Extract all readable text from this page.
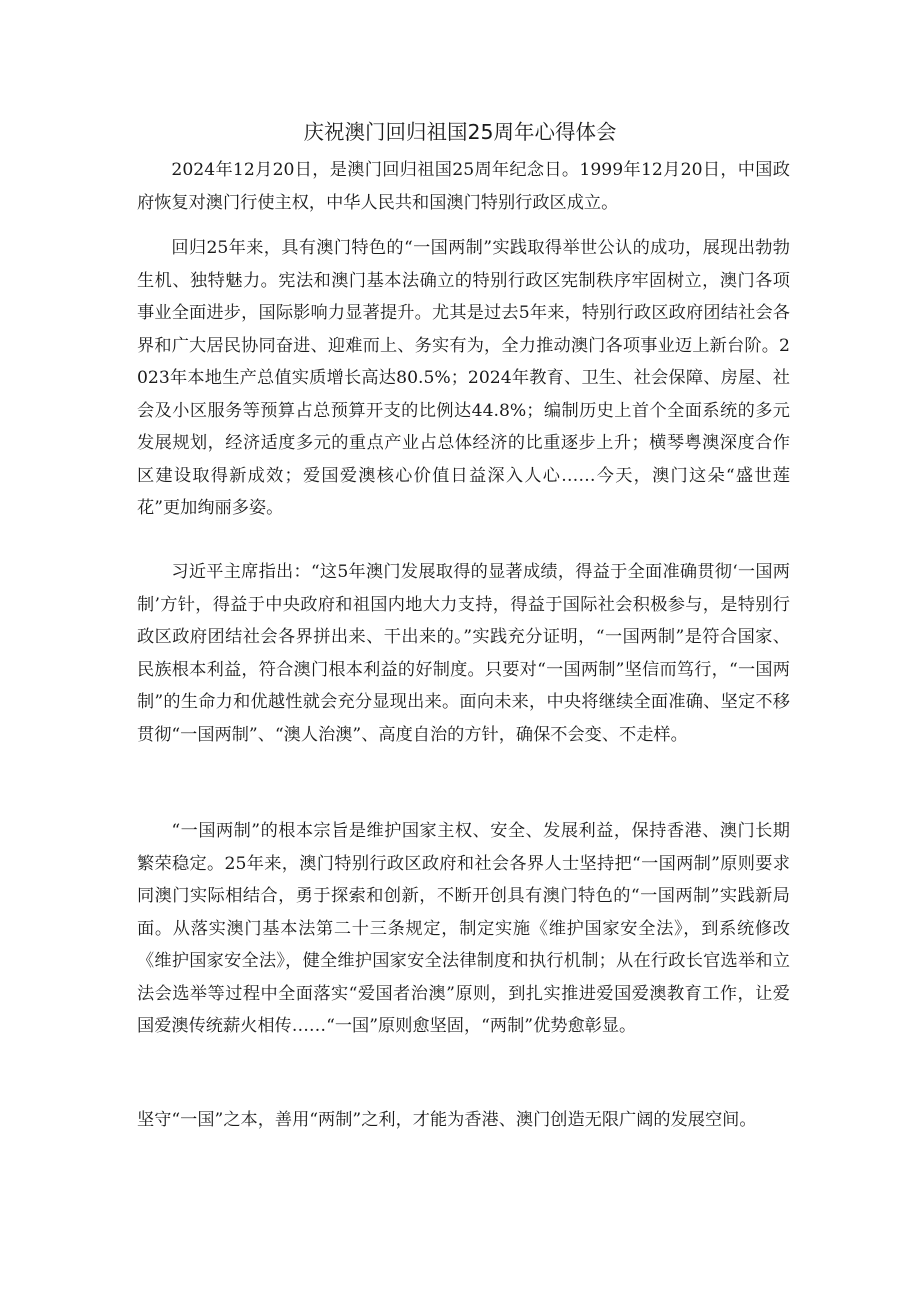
庆祝澳门回归祖国25周年心得体会

2024年12月20日，是澳门回归祖国25周年纪念日。1999年12月20日，中国政府恢复对澳门行使主权，中华人民共和国澳门特别行政区成立。

回归25年来，具有澳门特色的“一国两制”实践取得举世公认的成功，展现出勃勃生机、独特魅力。宪法和澳门基本法确立的特别行政区宪制秩序牢固树立，澳门各项事业全面进步，国际影响力显著提升。尤其是过去5年来，特别行政区政府团结社会各界和广大居民协同奋进、迎难而上、务实有为，全力推动澳门各项事业迈上新台阶。2023年本地生产总值实质增长高达80.5%；2024年教育、卫生、社会保障、房屋、社会及小区服务等预算占总预算开支的比例达44.8%；编制历史上首个全面系统的多元发展规划，经济适度多元的重点产业占总体经济的比重逐步上升；横琴粤澳深度合作区建设取得新成效；爱国爱澳核心价值日益深入人心……今天，澳门这朵“盛世莲花”更加绚丽多姿。

习近平主席指出：“这5年澳门发展取得的显著成绩，得益于全面准确贯彻‘一国两制’方针，得益于中央政府和祖国内地大力支持，得益于国际社会积极参与，是特别行政区政府团结社会各界拼出来、干出来的。”实践充分证明，“一国两制”是符合国家、民族根本利益，符合澳门根本利益的好制度。只要对“一国两制”坚信而笃行，“一国两制”的生命力和优越性就会充分显现出来。面向未来，中央将继续全面准确、坚定不移贯彻“一国两制”、“澳人治澳”、高度自治的方针，确保不会变、不走样。

“一国两制”的根本宗旨是维护国家主权、安全、发展利益，保持香港、澳门长期繁荣稳定。25年来，澳门特别行政区政府和社会各界人士坚持把“一国两制”原则要求同澳门实际相结合，勇于探索和创新，不断开创具有澳门特色的“一国两制”实践新局面。从落实澳门基本法第二十三条规定，制定实施《维护国家安全法》，到系统修改《维护国家安全法》，健全维护国家安全法律制度和执行机制；从在行政长官选举和立法会选举等过程中全面落实“爱国者治澳”原则，到扎实推进爱国爱澳教育工作，让爱国爱澳传统薪火相传……“一国”原则愈坚固，“两制”优势愈彰显。

坚守“一国”之本，善用“两制”之利，才能为香港、澳门创造无限广阔的发展空间。
